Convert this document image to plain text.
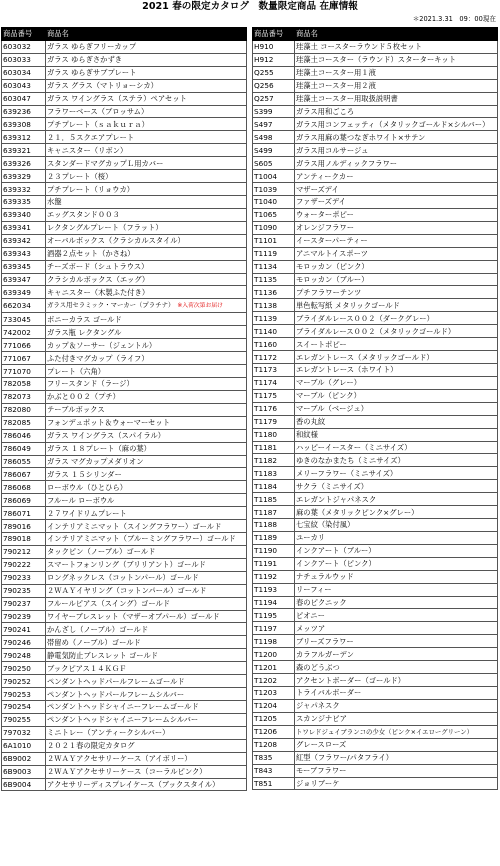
2021 春の限定カタログ　数量限定商品 在庫情報
＊2021.3.31　09：00現在
商品番号	商品名
603032	ガラス ゆらぎフリーカップ
603033	ガラス ゆらぎさかずき
603034	ガラス ゆらぎサブプレート
603043	ガラス グラス（マトリョーシカ）
603047	ガラス ワイングラス（ステラ）ペアセット
639236	フラワーベース（ブロッサム）
639308	プチプレート（ｓａｋｕｒａ）
639312	２１．５スクエアプレート
639321	キャニスター（リボン）
639326	スタンダードマグカップＬ用カバー
639329	２３プレート（桜）
639332	プチプレート（リョウカ）
639335	水盤
639340	エッグスタンド００３
639341	レクタングルプレート（フラット）
639342	オーバルボックス（クラシカルスタイル）
639343	酒器２点セット（かさね）
639345	チーズボード（シュトラウス）
639347	クラシカルボックス（エッグ）
639349	キャニスター（木製ふた付き）
662034	ガラス用セラミック・マーカー（プラチナ） ※入荷次第お届け
733045	ボニーカラス ゴールド
742002	ガラス瓶 レクタングル
771066	カップ＆ソーサー（ジェントル）
771067	ふた付きマグカップ（ライフ）
771070	プレート（六角）
782058	フリースタンド（ラージ）
782073	かぶと００２（プチ）
782080	テーブルボックス
782085	フォンデュポット＆ウォーマーセット
786046	ガラス ワイングラス（スパイラル）
786049	ガラス １８プレート（麻の葉）
786055	ガラス マグカップメダリオン
786067	ガラス １５シリンダー
786068	ローボウル（ひとひら）
786069	フルール ローボウル
786071	２７ワイドリムプレート
789016	インテリアミニマット（スイングフラワー）ゴールド
789018	インテリアミニマット（ブルーミングフラワー）ゴールド
790212	タックピン（ノーブル）ゴールド
790222	スマートフォンリング（ブリリアント）ゴールド
790233	ロングネックレス（コットンパール）ゴールド
790235	２ＷＡＹイヤリング（コットンパール）ゴールド
790237	フルールピアス（スイング）ゴールド
790239	ワイヤーブレスレット（マザーオブパール）ゴールド
790241	かんざし（ノーブル）ゴールド
790246	帯留め（ノーブル）ゴールド
790248	静電気防止ブレスレット ゴールド
790250	ブックピアス１４ＫＧＦ
790252	ペンダントヘッドパールフレームゴールド
790253	ペンダントヘッドパールフレームシルバー
790254	ペンダントヘッドシャイニーフレームゴールド
790255	ペンダントヘッドシャイニーフレームシルバー
797032	ミニトレー（アンティークシルバー）
6A1010	２０２１春の限定カタログ
6B9002	２ＷＡＹアクセサリーケース（アイボリー）
6B9003	２ＷＡＹアクセサリーケース（コーラルピンク）
6B9004	アクセサリーディスプレイケース（ブックスタイル）
商品番号	商品名
H910	珪藻土 コースターラウンド５枚セット
H912	珪藻土コースター（ラウンド）スターターキット
Q255	珪藻土コースター用１液
Q256	珪藻土コースター用２液
Q257	珪藻土コースター用取扱説明書
S399	ガラス用和ごころ
S497	ガラス用コンフェッティ（メタリックゴールド×シルバー）
S498	ガラス用麻の葉つなぎホワイト×サテン
S499	ガラス用コルサージュ
S605	ガラス用ノルディックフラワー
T1004	アンティークカー
T1039	マザーズデイ
T1040	ファザーズデイ
T1065	ウォーターポピー
T1090	オレンジフラワー
T1101	イースターパーティー
T1119	アニマルトイスポーツ
T1134	モロッカン（ピンク）
T1135	モロッカン（ブルー）
T1136	プチフラワーテンツ
T1138	単色転写紙 メタリックゴールド
T1139	ブライダルレース００２（ダークグレー）
T1140	ブライダルレース００２（メタリックゴールド）
T1160	スイートポピー
T1172	エレガントレース（メタリックゴールド）
T1173	エレガントレース（ホワイト）
T1174	マーブル（グレー）
T1175	マーブル（ピンク）
T1176	マーブル（ベージュ）
T1179	香の丸紋
T1180	和紋様
T1181	ハッピーイースター（ミニサイズ）
T1182	ゆきのなかまたち（ミニサイズ）
T1183	メリーフラワー（ミニサイズ）
T1184	サクラ（ミニサイズ）
T1185	エレガントジャパネスク
T1187	麻の葉（メタリックピンク×グレー）
T1188	七宝紋（染付風）
T1189	ユーカリ
T1190	インクアート（ブルー）
T1191	インクアート（ピンク）
T1192	ナチュラルウッド
T1193	リーフィー
T1194	春のピクニック
T1195	ピオニー
T1197	メッツア
T1198	ブリーズフラワー
T1200	カラフルガーデン
T1201	森のどうぶつ
T1202	アクセントボーダー（ゴールド）
T1203	トライバルボーダー
T1204	ジャパネスク
T1205	スカンジナビア
T1206	トワレドジュイブランコの少女（ピンク×イエローグリーン）
T1208	グレースローズ
T835	紅型（フラワー/パタフライ）
T843	モーブフラワー
T851	ジョリブーケ
